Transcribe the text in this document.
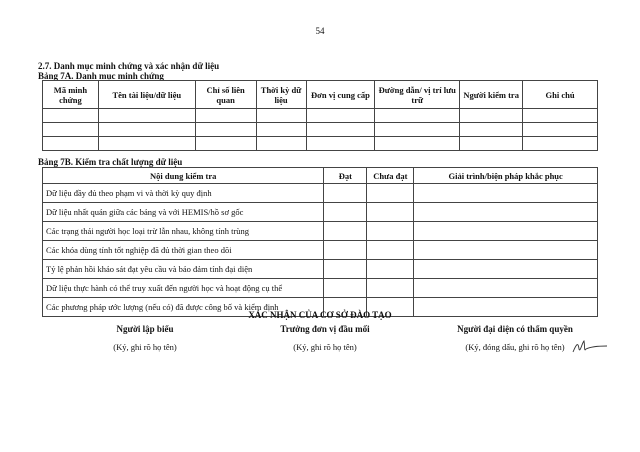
54
2.7. Danh mục minh chứng và xác nhận dữ liệu
Bảng 7A. Danh mục minh chứng
Mã minh chứng	Tên tài liệu/dữ liệu	Chỉ số liên quan	Thời kỳ dữ liệu	Đơn vị cung cấp	Đường dẫn/ vị trí lưu trữ	Người kiểm tra	Ghi chú

Bảng 7B. Kiểm tra chất lượng dữ liệu
Nội dung kiểm tra	Đạt	Chưa đạt	Giải trình/biện pháp khắc phục
Dữ liệu đầy đủ theo phạm vi và thời kỳ quy định			
Dữ liệu nhất quán giữa các bảng và với HEMIS/hồ sơ gốc			
Các trạng thái người học loại trừ lẫn nhau, không tính trùng			
Các khóa dùng tính tốt nghiệp đã đủ thời gian theo dõi			
Tỷ lệ phản hồi khảo sát đạt yêu cầu và bảo đảm tính đại diện			
Dữ liệu thực hành có thể truy xuất đến người học và hoạt động cụ thể			
Các phương pháp ước lượng (nếu có) đã được công bố và kiểm định			
XÁC NHẬN CỦA CƠ SỞ ĐÀO TẠO
Người lập biểu
(Ký, ghi rõ họ tên)
Trưởng đơn vị đầu mối
(Ký, ghi rõ họ tên)
Người đại diện có thẩm quyền
(Ký, đóng dấu, ghi rõ họ tên)
